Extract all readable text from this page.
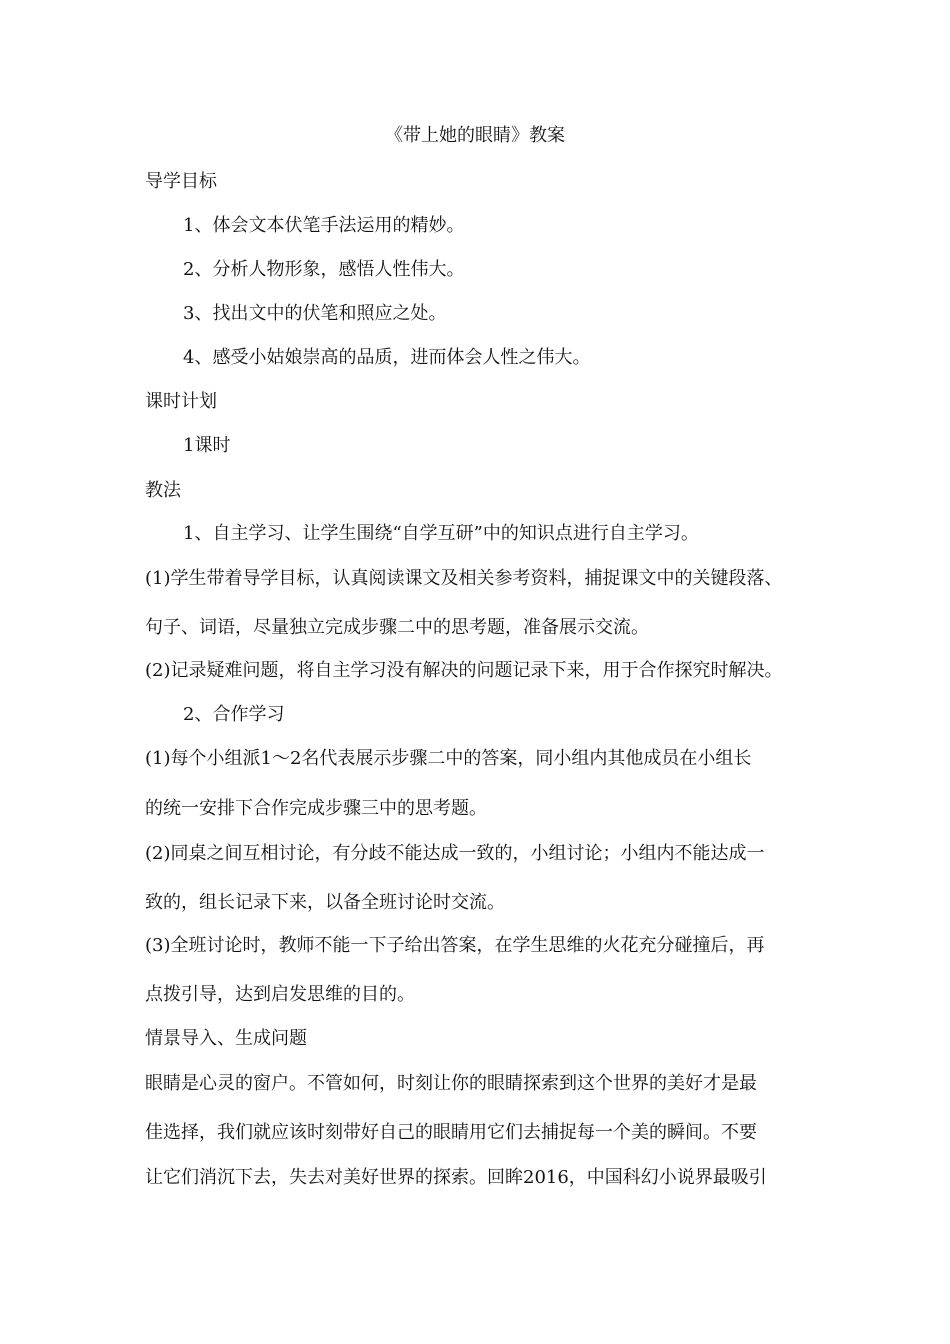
《带上她的眼睛》教案
导学目标
1、体会文本伏笔手法运用的精妙。
2、分析人物形象，感悟人性伟大。
3、找出文中的伏笔和照应之处。
4、感受小姑娘崇高的品质，进而体会人性之伟大。
课时计划
1课时
教法
1、自主学习、让学生围绕“自学互研”中的知识点进行自主学习。
(1)学生带着导学目标，认真阅读课文及相关参考资料，捕捉课文中的关键段落、
句子、词语，尽量独立完成步骤二中的思考题，准备展示交流。
(2)记录疑难问题，将自主学习没有解决的问题记录下来，用于合作探究时解决。
2、合作学习
(1)每个小组派1～2名代表展示步骤二中的答案，同小组内其他成员在小组长
的统一安排下合作完成步骤三中的思考题。
(2)同桌之间互相讨论，有分歧不能达成一致的，小组讨论；小组内不能达成一
致的，组长记录下来，以备全班讨论时交流。
(3)全班讨论时，教师不能一下子给出答案，在学生思维的火花充分碰撞后，再
点拨引导，达到启发思维的目的。
情景导入、生成问题
眼睛是心灵的窗户。不管如何，时刻让你的眼睛探索到这个世界的美好才是最
佳选择，我们就应该时刻带好自己的眼睛用它们去捕捉每一个美的瞬间。不要
让它们消沉下去，失去对美好世界的探索。回眸2016，中国科幻小说界最吸引
